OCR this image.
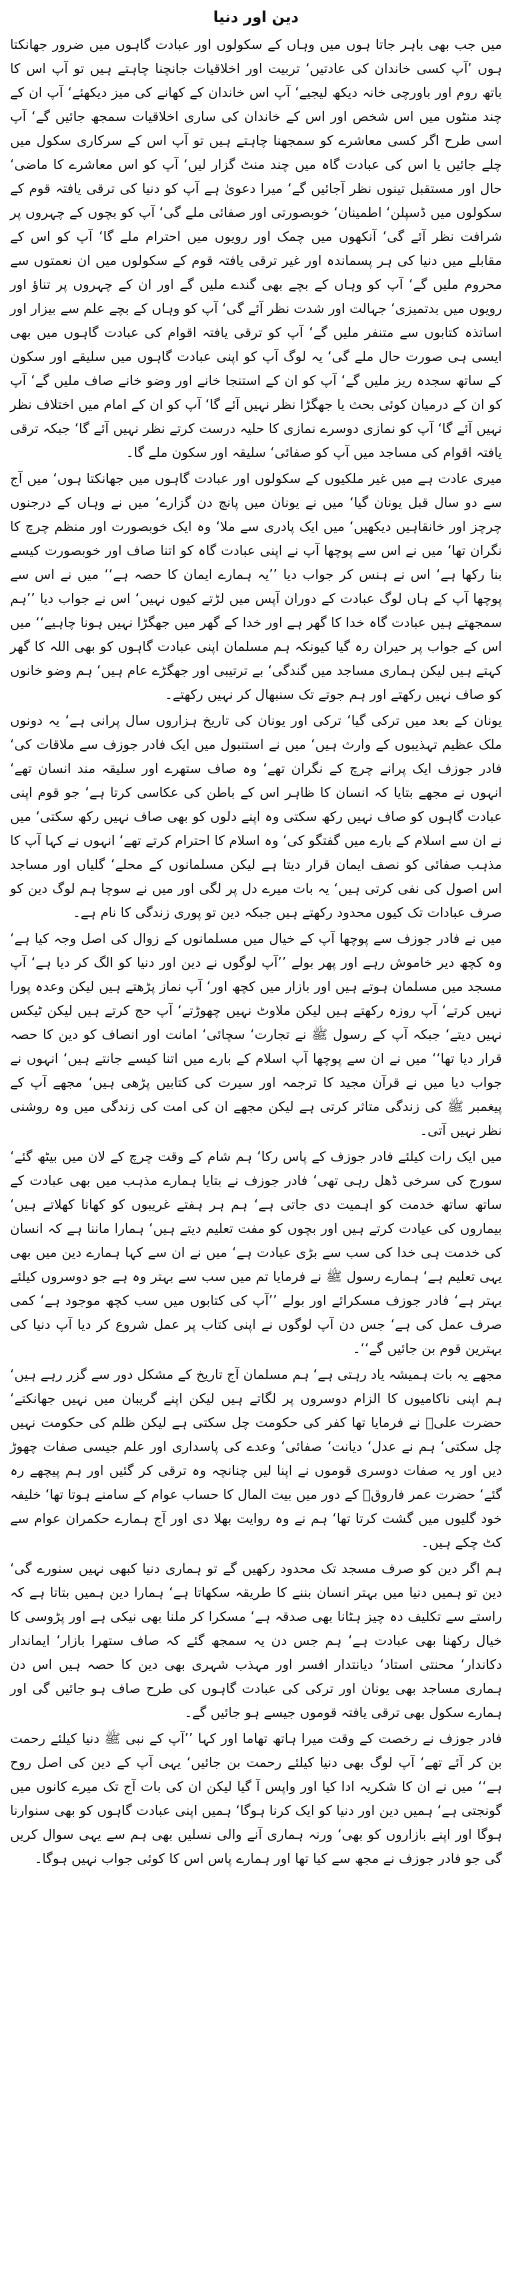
دین اور دنیا

میں جب بھی باہر جاتا ہوں میں وہاں کے سکولوں اور عبادت گاہوں میں ضرور جھانکتا ہوں ’آپ کسی خاندان کی عادتیں‘ تربیت اور اخلاقیات جانچنا چاہتے ہیں تو آپ اس کا باتھ روم اور باورچی خانہ دیکھ لیجیے‘ آپ اس خاندان کے کھانے کی میز دیکھئے‘ آپ ان کے چند منٹوں میں اس شخص اور اس کے خاندان کی ساری اخلاقیات سمجھ جائیں گے‘ آپ اسی طرح اگر کسی معاشرے کو سمجھنا چاہتے ہیں تو آپ اس کے سرکاری سکول میں چلے جائیں یا اس کی عبادت گاہ میں چند منٹ گزار لیں‘ آپ کو اس معاشرے کا ماضی‘ حال اور مستقبل تینوں نظر آجائیں گے‘ میرا دعویٰ ہے آپ کو دنیا کی ترقی یافتہ قوم کے سکولوں میں ڈسپلن‘ اطمینان‘ خوبصورتی اور صفائی ملے گی‘ آپ کو بچوں کے چہروں پر شرافت نظر آئے گی‘ آنکھوں میں چمک اور رویوں میں احترام ملے گا‘ آپ کو اس کے مقابلے میں دنیا کی ہر پسماندہ اور غیر ترقی یافتہ قوم کے سکولوں میں ان نعمتوں سے محروم ملیں گے‘ آپ کو وہاں کے بچے بھی گندے ملیں گے اور ان کے چہروں پر تناؤ اور رویوں میں بدتمیزی‘ جہالت اور شدت نظر آئے گی‘ آپ کو وہاں کے بچے علم سے بیزار اور اساتذہ کتابوں سے متنفر ملیں گے‘ آپ کو ترقی یافتہ اقوام کی عبادت گاہوں میں بھی ایسی ہی صورت حال ملے گی‘ یہ لوگ آپ کو اپنی عبادت گاہوں میں سلیقے اور سکون کے ساتھ سجدہ ریز ملیں گے‘ آپ کو ان کے استنجا خانے اور وضو خانے صاف ملیں گے‘ آپ کو ان کے درمیان کوئی بحث یا جھگڑا نظر نہیں آئے گا‘ آپ کو ان کے امام میں اختلاف نظر نہیں آئے گا‘ آپ کو نمازی دوسرے نمازی کا حلیہ درست کرتے نظر نہیں آئے گا‘ جبکہ ترقی یافتہ اقوام کی مساجد میں آپ کو صفائی‘ سلیقہ اور سکون ملے گا۔

میری عادت ہے میں غیر ملکیوں کے سکولوں اور عبادت گاہوں میں جھانکتا ہوں‘ میں آج سے دو سال قبل یونان گیا‘ میں نے یونان میں پانچ دن گزارے‘ میں نے وہاں کے درجنوں چرچز اور خانقاہیں دیکھیں‘ میں ایک پادری سے ملا‘ وہ ایک خوبصورت اور منظم چرچ کا نگران تھا‘ میں نے اس سے پوچھا آپ نے اپنی عبادت گاہ کو اتنا صاف اور خوبصورت کیسے بنا رکھا ہے‘ اس نے ہنس کر جواب دیا ’’یہ ہمارے ایمان کا حصہ ہے‘‘ میں نے اس سے پوچھا آپ کے ہاں لوگ عبادت کے دوران آپس میں لڑتے کیوں نہیں‘ اس نے جواب دیا ’’ہم سمجھتے ہیں عبادت گاہ خدا کا گھر ہے اور خدا کے گھر میں جھگڑا نہیں ہونا چاہیے‘‘ میں اس کے جواب پر حیران رہ گیا کیونکہ ہم مسلمان اپنی عبادت گاہوں کو بھی اللہ کا گھر کہتے ہیں لیکن ہماری مساجد میں گندگی‘ بے ترتیبی اور جھگڑے عام ہیں‘ ہم وضو خانوں کو صاف نہیں رکھتے اور ہم جوتے تک سنبھال کر نہیں رکھتے۔

یونان کے بعد میں ترکی گیا‘ ترکی اور یونان کی تاریخ ہزاروں سال پرانی ہے‘ یہ دونوں ملک عظیم تہذیبوں کے وارث ہیں‘ میں نے استنبول میں ایک فادر جوزف سے ملاقات کی‘ فادر جوزف ایک پرانے چرچ کے نگران تھے‘ وہ صاف ستھرے اور سلیقہ مند انسان تھے‘ انہوں نے مجھے بتایا کہ انسان کا ظاہر اس کے باطن کی عکاسی کرتا ہے‘ جو قوم اپنی عبادت گاہوں کو صاف نہیں رکھ سکتی وہ اپنے دلوں کو بھی صاف نہیں رکھ سکتی‘ میں نے ان سے اسلام کے بارے میں گفتگو کی‘ وہ اسلام کا احترام کرتے تھے‘ انہوں نے کہا آپ کا مذہب صفائی کو نصف ایمان قرار دیتا ہے لیکن مسلمانوں کے محلے‘ گلیاں اور مساجد اس اصول کی نفی کرتی ہیں‘ یہ بات میرے دل پر لگی اور میں نے سوچا ہم لوگ دین کو صرف عبادات تک کیوں محدود رکھتے ہیں جبکہ دین تو پوری زندگی کا نام ہے۔

میں نے فادر جوزف سے پوچھا آپ کے خیال میں مسلمانوں کے زوال کی اصل وجہ کیا ہے‘ وہ کچھ دیر خاموش رہے اور پھر بولے ’’آپ لوگوں نے دین اور دنیا کو الگ کر دیا ہے‘ آپ مسجد میں مسلمان ہوتے ہیں اور بازار میں کچھ اور‘ آپ نماز پڑھتے ہیں لیکن وعدہ پورا نہیں کرتے‘ آپ روزہ رکھتے ہیں لیکن ملاوٹ نہیں چھوڑتے‘ آپ حج کرتے ہیں لیکن ٹیکس نہیں دیتے‘ جبکہ آپ کے رسول ﷺ نے تجارت‘ سچائی‘ امانت اور انصاف کو دین کا حصہ قرار دیا تھا‘‘ میں نے ان سے پوچھا آپ اسلام کے بارے میں اتنا کیسے جانتے ہیں‘ انہوں نے جواب دیا میں نے قرآن مجید کا ترجمہ اور سیرت کی کتابیں پڑھی ہیں‘ مجھے آپ کے پیغمبر ﷺ کی زندگی متاثر کرتی ہے لیکن مجھے ان کی امت کی زندگی میں وہ روشنی نظر نہیں آتی۔

میں ایک رات کیلئے فادر جوزف کے پاس رکا‘ ہم شام کے وقت چرچ کے لان میں بیٹھ گئے‘ سورج کی سرخی ڈھل رہی تھی‘ فادر جوزف نے بتایا ہمارے مذہب میں بھی عبادت کے ساتھ ساتھ خدمت کو اہمیت دی جاتی ہے‘ ہم ہر ہفتے غریبوں کو کھانا کھلاتے ہیں‘ بیماروں کی عیادت کرتے ہیں اور بچوں کو مفت تعلیم دیتے ہیں‘ ہمارا ماننا ہے کہ انسان کی خدمت ہی خدا کی سب سے بڑی عبادت ہے‘ میں نے ان سے کہا ہمارے دین میں بھی یہی تعلیم ہے‘ ہمارے رسول ﷺ نے فرمایا تم میں سب سے بہتر وہ ہے جو دوسروں کیلئے بہتر ہے‘ فادر جوزف مسکرائے اور بولے ’’آپ کی کتابوں میں سب کچھ موجود ہے‘ کمی صرف عمل کی ہے‘ جس دن آپ لوگوں نے اپنی کتاب پر عمل شروع کر دیا آپ دنیا کی بہترین قوم بن جائیں گے‘‘۔

مجھے یہ بات ہمیشہ یاد رہتی ہے‘ ہم مسلمان آج تاریخ کے مشکل دور سے گزر رہے ہیں‘ ہم اپنی ناکامیوں کا الزام دوسروں پر لگاتے ہیں لیکن اپنے گریبان میں نہیں جھانکتے‘ حضرت علیؓ نے فرمایا تھا کفر کی حکومت چل سکتی ہے لیکن ظلم کی حکومت نہیں چل سکتی‘ ہم نے عدل‘ دیانت‘ صفائی‘ وعدے کی پاسداری اور علم جیسی صفات چھوڑ دیں اور یہ صفات دوسری قوموں نے اپنا لیں چنانچہ وہ ترقی کر گئیں اور ہم پیچھے رہ گئے‘ حضرت عمر فاروقؓ کے دور میں بیت المال کا حساب عوام کے سامنے ہوتا تھا‘ خلیفہ خود گلیوں میں گشت کرتا تھا‘ ہم نے وہ روایت بھلا دی اور آج ہمارے حکمران عوام سے کٹ چکے ہیں۔

ہم اگر دین کو صرف مسجد تک محدود رکھیں گے تو ہماری دنیا کبھی نہیں سنورے گی‘ دین تو ہمیں دنیا میں بہتر انسان بننے کا طریقہ سکھاتا ہے‘ ہمارا دین ہمیں بتاتا ہے کہ راستے سے تکلیف دہ چیز ہٹانا بھی صدقہ ہے‘ مسکرا کر ملنا بھی نیکی ہے اور پڑوسی کا خیال رکھنا بھی عبادت ہے‘ ہم جس دن یہ سمجھ گئے کہ صاف ستھرا بازار‘ ایماندار دکاندار‘ محنتی استاد‘ دیانتدار افسر اور مہذب شہری بھی دین کا حصہ ہیں اس دن ہماری مساجد بھی یونان اور ترکی کی عبادت گاہوں کی طرح صاف ہو جائیں گی اور ہمارے سکول بھی ترقی یافتہ قوموں جیسے ہو جائیں گے۔

فادر جوزف نے رخصت کے وقت میرا ہاتھ تھاما اور کہا ’’آپ کے نبی ﷺ دنیا کیلئے رحمت بن کر آئے تھے‘ آپ لوگ بھی دنیا کیلئے رحمت بن جائیں‘ یہی آپ کے دین کی اصل روح ہے‘‘ میں نے ان کا شکریہ ادا کیا اور واپس آ گیا لیکن ان کی بات آج تک میرے کانوں میں گونجتی ہے‘ ہمیں دین اور دنیا کو ایک کرنا ہوگا‘ ہمیں اپنی عبادت گاہوں کو بھی سنوارنا ہوگا اور اپنے بازاروں کو بھی‘ ورنہ ہماری آنے والی نسلیں بھی ہم سے یہی سوال کریں گی جو فادر جوزف نے مجھ سے کیا تھا اور ہمارے پاس اس کا کوئی جواب نہیں ہوگا۔
